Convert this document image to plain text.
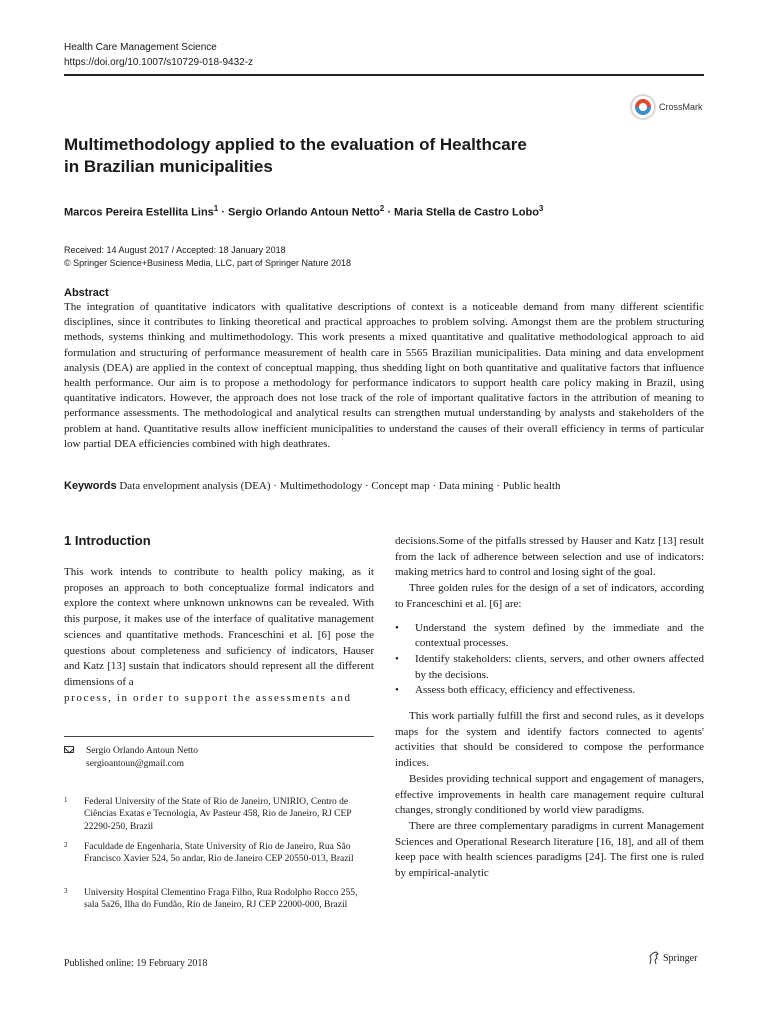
Health Care Management Science
https://doi.org/10.1007/s10729-018-9432-z
CrossMark
Multimethodology applied to the evaluation of Healthcare
in Brazilian municipalities
Marcos Pereira Estellita Lins$^1$ · Sergio Orlando Antoun Netto$^2$ · Maria Stella de Castro Lobo$^3$
Received: 14 August 2017 / Accepted: 18 January 2018
© Springer Science+Business Media, LLC, part of Springer Nature 2018
Abstract
The integration of quantitative indicators with qualitative descriptions of context is a noticeable demand from many different scientific disciplines, since it contributes to linking theoretical and practical approaches to problem solving. Amongst them are the problem structuring methods, systems thinking and multimethodology. This work presents a mixed quantitative and qualitative methodological approach to aid formulation and structuring of performance measurement of health care in 5565 Brazilian municipalities. Data mining and data envelopment analysis (DEA) are applied in the context of conceptual mapping, thus shedding light on both quantitative and qualitative factors that influence health performance. Our aim is to propose a methodology for performance indicators to support health care policy making in Brazil, using quantitative indicators. However, the approach does not lose track of the role of important qualitative factors in the attribution of meaning to performance assessments. The methodological and analytical results can strengthen mutual understanding by analysts and stakeholders of the problem at hand. Quantitative results allow inefficient municipalities to understand the causes of their overall efficiency in terms of particular low partial DEA efficiencies combined with high deathrates.
Keywords Data envelopment analysis (DEA) · Multimethodology · Concept map · Data mining · Public health
1 Introduction

This work intends to contribute to health policy making, as it proposes an approach to both conceptualize formal indicators and explore the context where unknown unknowns can be revealed. With this purpose, it makes use of the interface of qualitative management sciences and quantitative methods. Franceschini et al. [6] pose the questions about completeness and suficiency of indicators, Hauser and Katz [13] sustain that indicators should represent all the different dimensions of a

process, in order to support the assessments and

decisions.Some of the pitfalls stressed by Hauser and Katz [13] result from the lack of adherence between selection and use of indicators: making metrics hard to control and losing sight of the goal.

Three golden rules for the design of a set of indicators, according to Franceschini et al. [6] are:

• Understand the system defined by the immediate and the contextual processes.
• Identify stakeholders: clients, servers, and other owners affected by the decisions.
• Assess both efficacy, efficiency and effectiveness.

This work partially fulfill the first and second rules, as it develops maps for the system and identify factors connected to agents' activities that should be considered to compose the performance indices.

Besides providing technical support and engagement of managers, effective improvements in health care management require cultural changes, strongly conditioned by world view paradigms.

There are three complementary paradigms in current Management Sciences and Operational Research literature [16, 18], and all of them keep pace with health sciences paradigms [24]. The first one is ruled by empirical-analytic

Sergio Orlando Antoun Netto
sergioantoun@gmail.com
1 Federal University of the State of Rio de Janeiro, UNIRIO, Centro de Ciências Exatas e Tecnologia, Av Pasteur 458, Rio de Janeiro, RJ CEP 22290-250, Brazil
2 Faculdade de Engenharia, State University of Rio de Janeiro, Rua São Francisco Xavier 524, 5o andar, Rio de Janeiro CEP 20550-013, Brazil
3 University Hospital Clementino Fraga Filho, Rua Rodolpho Rocco 255, sala 5a26, Ilha do Fundão, Rio de Janeiro, RJ CEP 22000-000, Brazil
Published online: 19 February 2018	Springer
